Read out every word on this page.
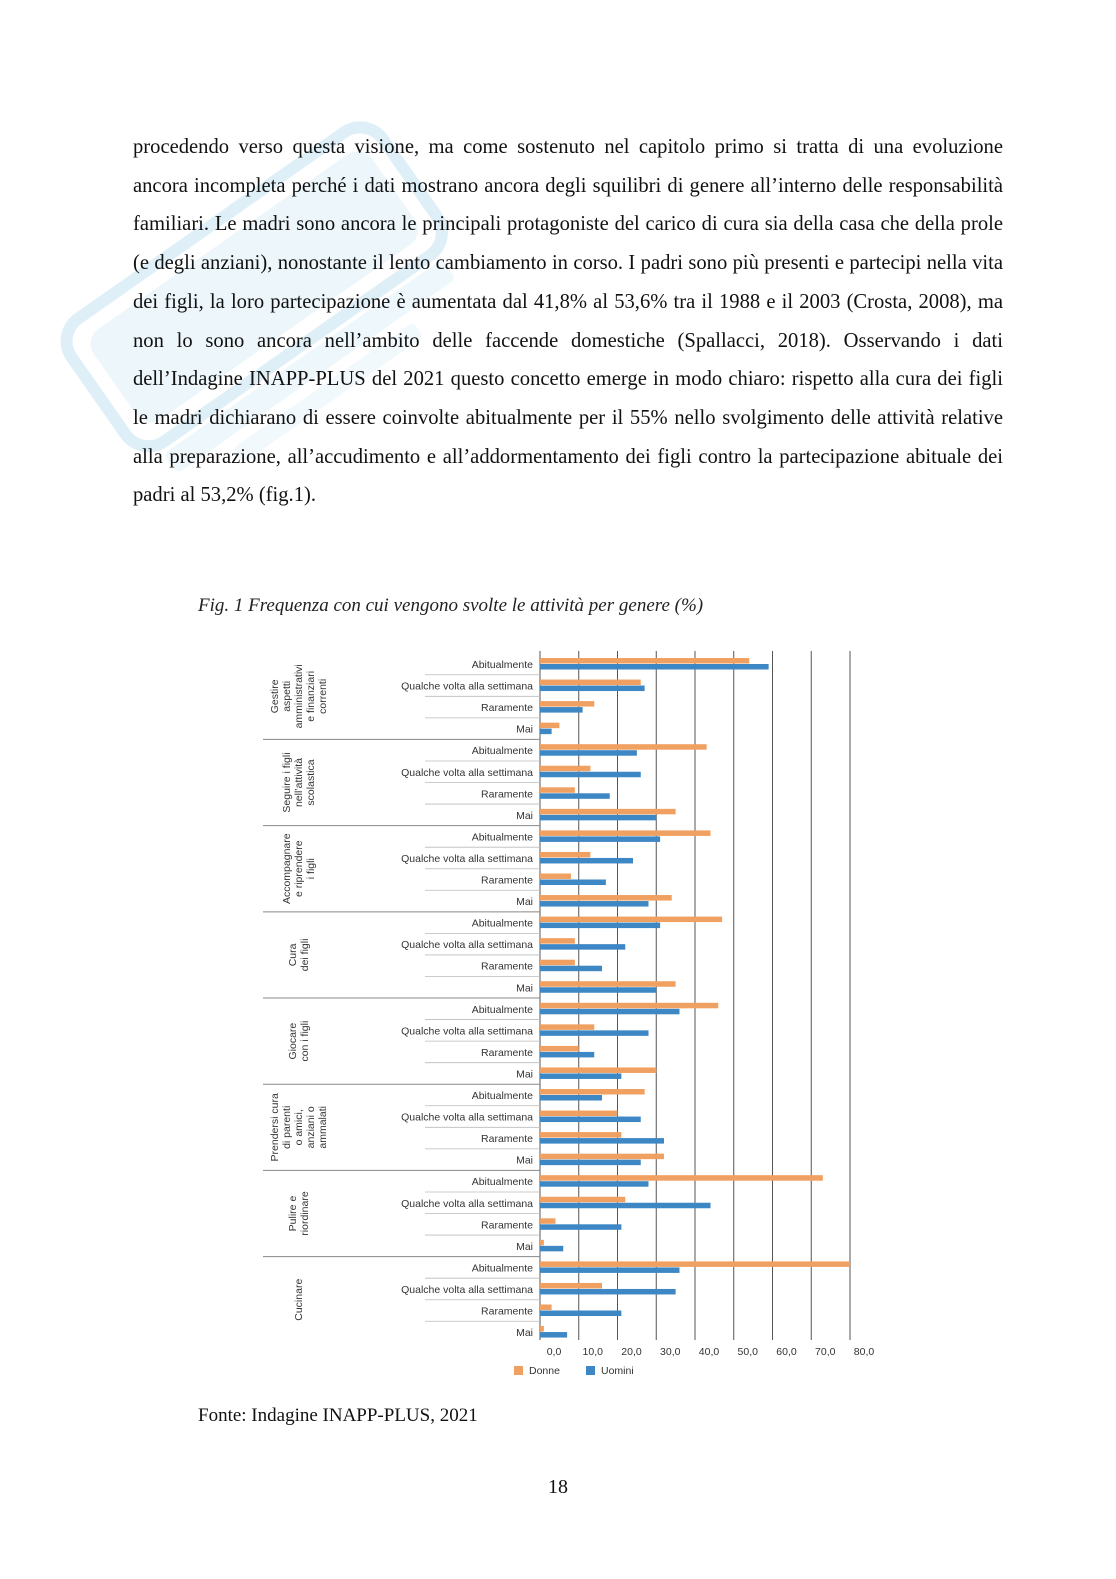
procedendo verso questa visione, ma come sostenuto nel capitolo primo si tratta di una evoluzione ancora incompleta perché i dati mostrano ancora degli squilibri di genere all’interno delle responsabilità familiari. Le madri sono ancora le principali protagoniste del carico di cura sia della casa che della prole (e degli anziani), nonostante il lento cambiamento in corso. I padri sono più presenti e partecipi nella vita dei figli, la loro partecipazione è aumentata dal 41,8% al 53,6% tra il 1988 e il 2003 (Crosta, 2008), ma non lo sono ancora nell’ambito delle faccende domestiche (Spallacci, 2018). Osservando i dati dell’Indagine INAPP-PLUS del 2021 questo concetto emerge in modo chiaro: rispetto alla cura dei figli le madri dichiarano di essere coinvolte abitualmente per il 55% nello svolgimento delle attività relative alla preparazione, all’accudimento e all’addormentamento dei figli contro la partecipazione abituale dei padri al 53,2% (fig.1).

Fig. 1 Frequenza con cui vengono svolte le attività per genere (%)

Gestire aspetti amministrativi e finanziari correnti
Abitualmente
Qualche volta alla settimana
Raramente
Mai
Seguire i figli nell’attività scolastica
Abitualmente
Qualche volta alla settimana
Raramente
Mai
Accompagnare e riprendere i figli
Abitualmente
Qualche volta alla settimana
Raramente
Mai
Cura dei figli
Abitualmente
Qualche volta alla settimana
Raramente
Mai
Giocare con i figli
Abitualmente
Qualche volta alla settimana
Raramente
Mai
Prendersi cura di parenti o amici, anziani o ammalati
Abitualmente
Qualche volta alla settimana
Raramente
Mai
Pulire e riordinare
Abitualmente
Qualche volta alla settimana
Raramente
Mai
Cucinare
Abitualmente
Qualche volta alla settimana
Raramente
Mai
0,0 10,0 20,0 30,0 40,0 50,0 60,0 70,0 80,0
Donne	Uomini

Fonte: Indagine INAPP-PLUS, 2021

18
